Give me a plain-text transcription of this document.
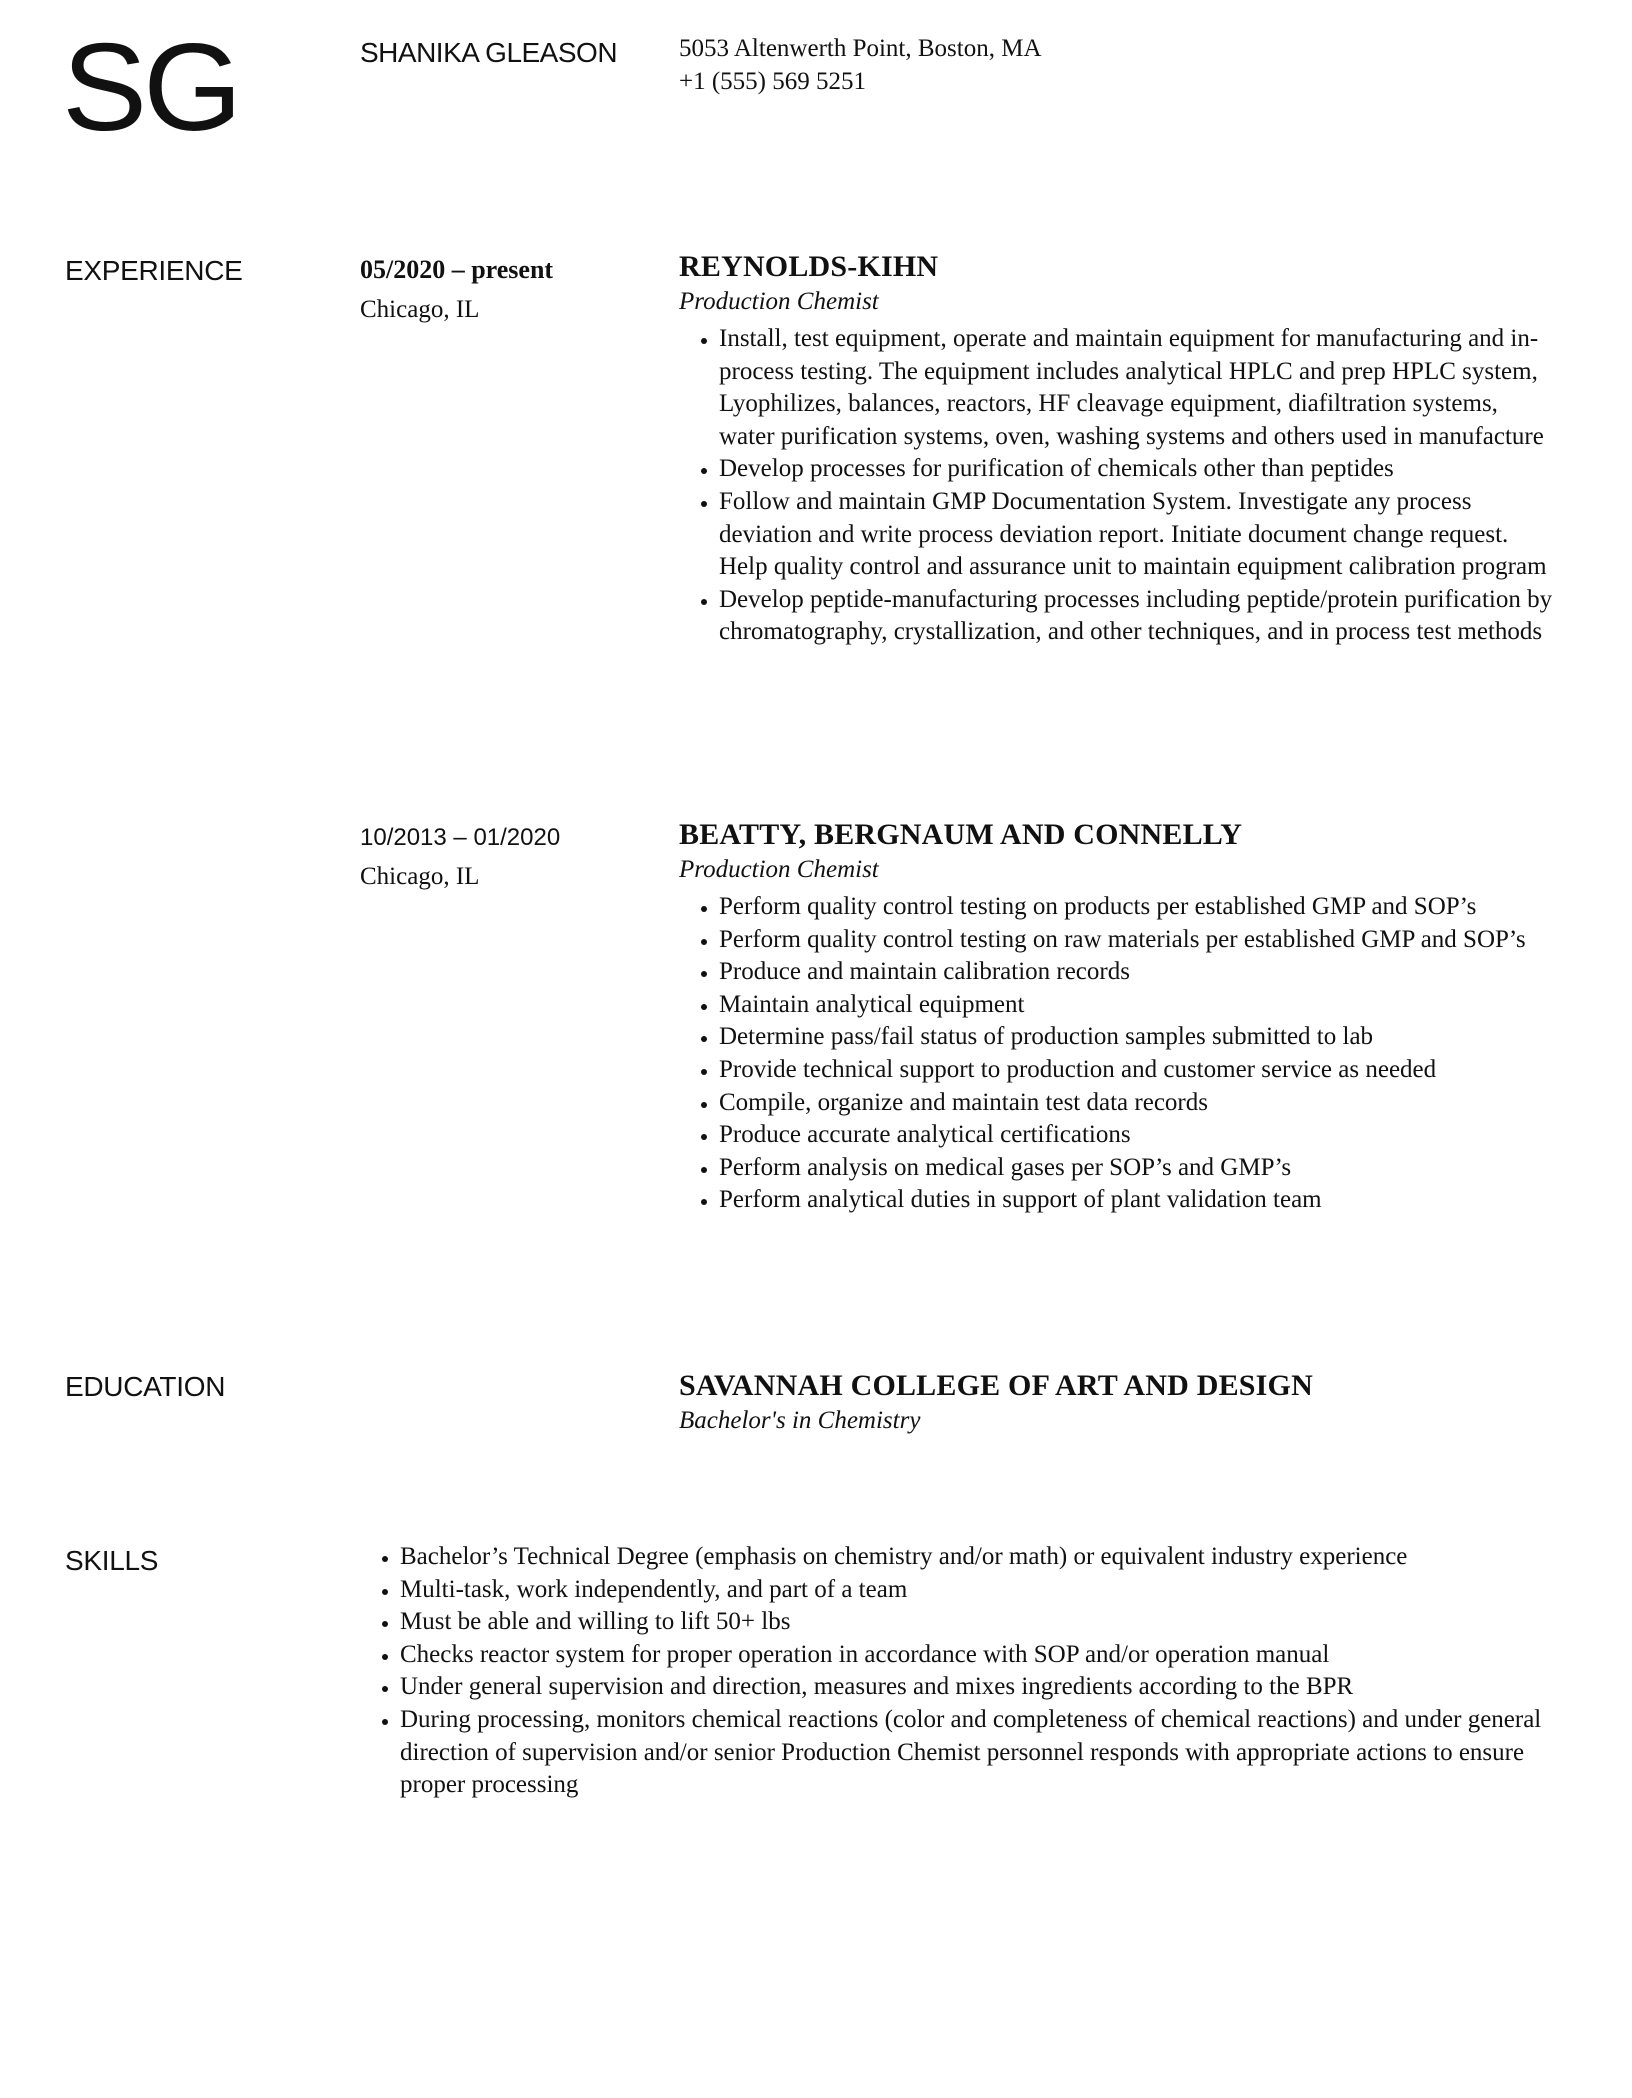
SG	SHANIKA GLEASON 5053 Altenwerth Point, Boston, MA
+1 (555) 569 5251
EXPERIENCE	05/2020 – present
Chicago, IL
REYNOLDS-KIHN

Production Chemist

• Install, test equipment, operate and maintain equipment for manufacturing and in-process testing. The equipment includes analytical HPLC and prep HPLC system, Lyophilizes, balances, reactors, HF cleavage equipment, diafiltration systems, water purification systems, oven, washing systems and others used in manufacture
• Develop processes for purification of chemicals other than peptides
• Follow and maintain GMP Documentation System. Investigate any process deviation and write process deviation report. Initiate document change request. Help quality control and assurance unit to maintain equipment calibration program
• Develop peptide-manufacturing processes including peptide/protein purification by chromatography, crystallization, and other techniques, and in process test methods
10/2013 – 01/2020
Chicago, IL
BEATTY, BERGNAUM AND CONNELLY

Production Chemist

• Perform quality control testing on products per established GMP and SOP’s
• Perform quality control testing on raw materials per established GMP and SOP’s
• Produce and maintain calibration records
• Maintain analytical equipment
• Determine pass/fail status of production samples submitted to lab
• Provide technical support to production and customer service as needed
• Compile, organize and maintain test data records
• Produce accurate analytical certifications
• Perform analysis on medical gases per SOP’s and GMP’s
• Perform analytical duties in support of plant validation team
EDUCATION	SAVANNAH COLLEGE OF ART AND DESIGN

Bachelor's in Chemistry

SKILLS	• Bachelor’s Technical Degree (emphasis on chemistry and/or math) or equivalent industry experience
• Multi-task, work independently, and part of a team
• Must be able and willing to lift 50+ lbs
• Checks reactor system for proper operation in accordance with SOP and/or operation manual
• Under general supervision and direction, measures and mixes ingredients according to the BPR
• During processing, monitors chemical reactions (color and completeness of chemical reactions) and under general direction of supervision and/or senior Production Chemist personnel responds with appropriate actions to ensure proper processing
